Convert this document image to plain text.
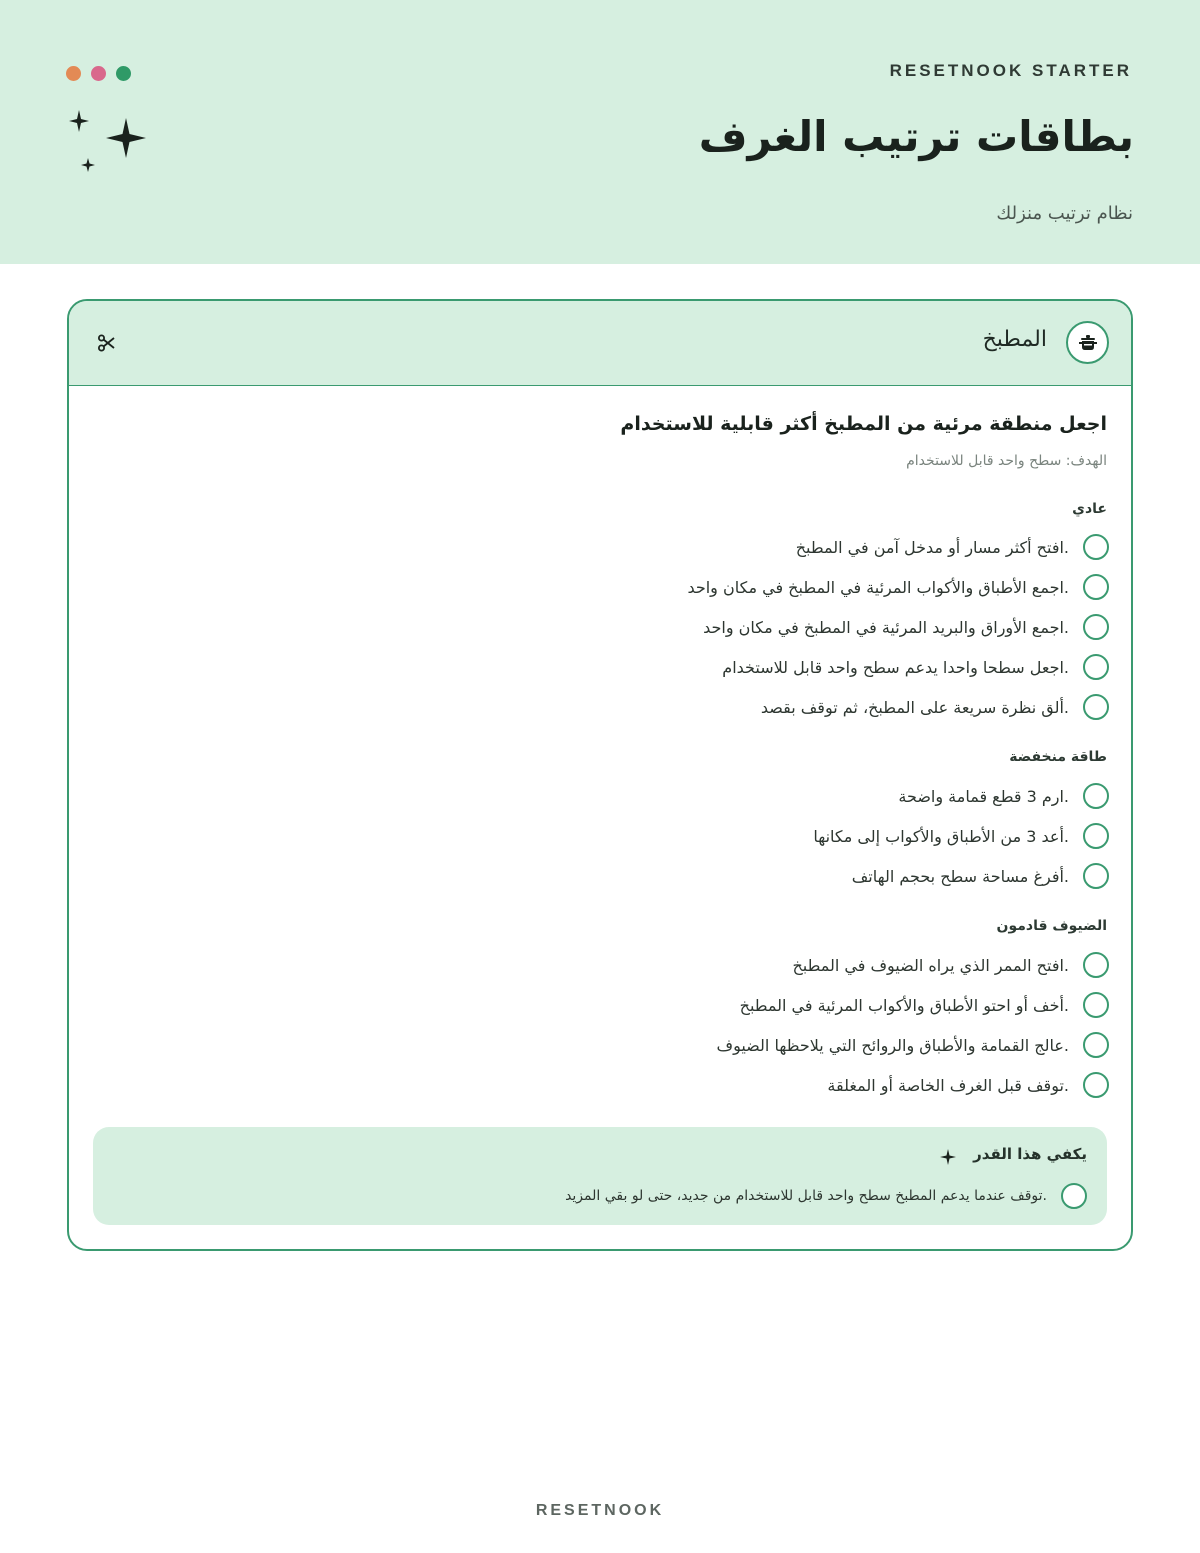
RESETNOOK STARTER
بطاقات ترتيب الغرف
نظام ترتيب منزلك
المطبخ
اجعل منطقة مرئية من المطبخ أكثر قابلية للاستخدام
الهدف: سطح واحد قابل للاستخدام
عادي
.افتح أكثر مسار أو مدخل آمن في المطبخ
.اجمع الأطباق والأكواب المرئية في المطبخ في مكان واحد
.اجمع الأوراق والبريد المرئية في المطبخ في مكان واحد
.اجعل سطحا واحدا يدعم سطح واحد قابل للاستخدام
.ألق نظرة سريعة على المطبخ، ثم توقف بقصد
طاقة منخفضة
.ارم 3 قطع قمامة واضحة
.أعد 3 من الأطباق والأكواب إلى مكانها
.أفرغ مساحة سطح بحجم الهاتف
الضيوف قادمون
.افتح الممر الذي يراه الضيوف في المطبخ
.أخف أو احتو الأطباق والأكواب المرئية في المطبخ
.عالج القمامة والأطباق والروائح التي يلاحظها الضيوف
.توقف قبل الغرف الخاصة أو المغلقة
يكفي هذا القدر
.توقف عندما يدعم المطبخ سطح واحد قابل للاستخدام من جديد، حتى لو بقي المزيد
RESETNOOK
